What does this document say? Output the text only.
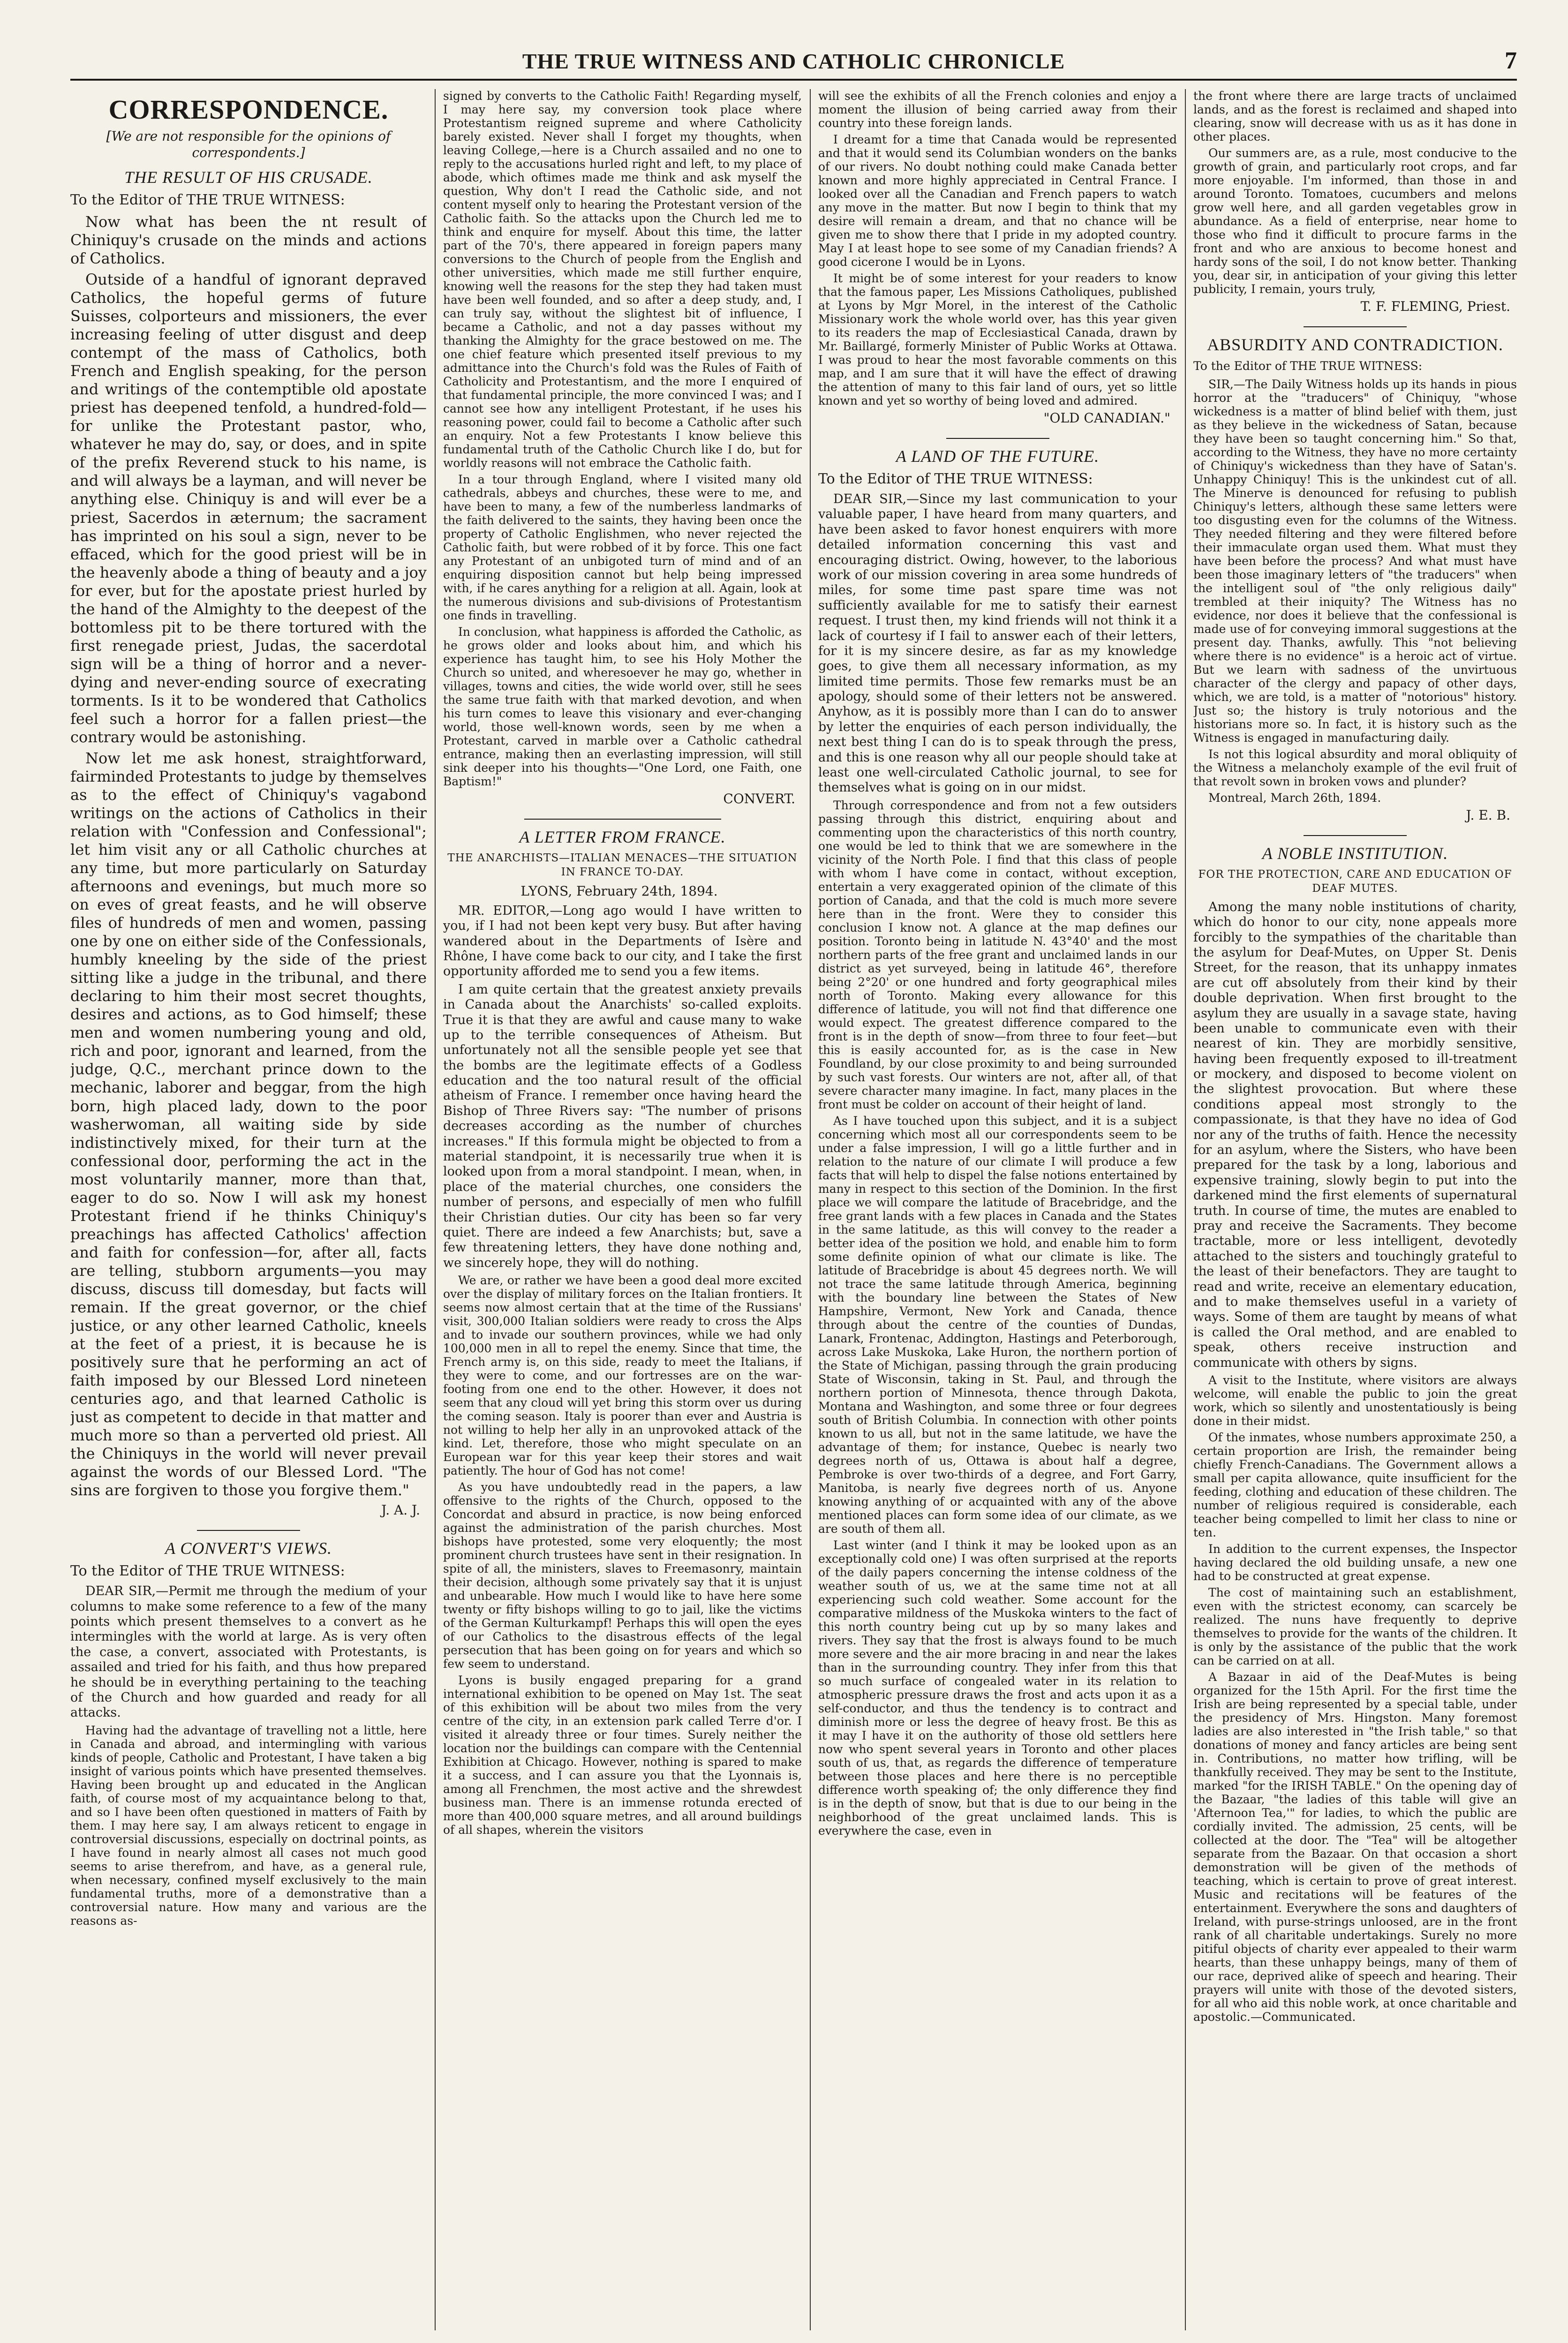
THE TRUE WITNESS AND CATHOLIC CHRONICLE	7
CORRESPONDENCE.
[We are not responsible for the opinions of correspondents.]
THE RESULT OF HIS CRUSADE.
To the Editor of THE TRUE WITNESS:

Now what has been the nt result of Chiniquy's crusade on the minds and actions of Catholics.

Outside of a handful of ignorant depraved Catholics, the hopeful germs of future Suisses, colporteurs and missioners, the ever increasing feeling of utter disgust and deep contempt of the mass of Catholics, both French and English speaking, for the person and writings of the contemptible old apostate priest has deepened tenfold, a hundred-fold—for unlike the Protestant pastor, who, whatever he may do, say, or does, and in spite of the prefix Reverend stuck to his name, is and will always be a layman, and will never be anything else. Chiniquy is and will ever be a priest, Sacerdos in æternum; the sacrament has imprinted on his soul a sign, never to be effaced, which for the good priest will be in the heavenly abode a thing of beauty and a joy for ever, but for the apostate priest hurled by the hand of the Almighty to the deepest of the bottomless pit to be there tortured with the first renegade priest, Judas, the sacerdotal sign will be a thing of horror and a never-dying and never-ending source of execrating torments. Is it to be wondered that Catholics feel such a horror for a fallen priest—the contrary would be astonishing.

Now let me ask honest, straightforward, fairminded Protestants to judge by themselves as to the effect of Chiniquy's vagabond writings on the actions of Catholics in their relation with "Confession and Confessional"; let him visit any or all Catholic churches at any time, but more particularly on Saturday afternoons and evenings, but much more so on eves of great feasts, and he will observe files of hundreds of men and women, passing one by one on either side of the Confessionals, humbly kneeling by the side of the priest sitting like a judge in the tribunal, and there declaring to him their most secret thoughts, desires and actions, as to God himself; these men and women numbering young and old, rich and poor, ignorant and learned, from the judge, Q.C., merchant prince down to the mechanic, laborer and beggar, from the high born, high placed lady, down to the poor washerwoman, all waiting side by side indistinctively mixed, for their turn at the confessional door, performing the act in the most voluntarily manner, more than that, eager to do so. Now I will ask my honest Protestant friend if he thinks Chiniquy's preachings has affected Catholics' affection and faith for confession—for, after all, facts are telling, stubborn arguments—you may discuss, discuss till domesday, but facts will remain. If the great governor, or the chief justice, or any other learned Catholic, kneels at the feet of a priest, it is because he is positively sure that he performing an act of faith imposed by our Blessed Lord nineteen centuries ago, and that learned Catholic is just as competent to decide in that matter and much more so than a perverted old priest. All the Chiniquys in the world will never prevail against the words of our Blessed Lord. "The sins are forgiven to those you forgive them."

J. A. J.
A CONVERT'S VIEWS.
To the Editor of THE TRUE WITNESS:

DEAR SIR,—Permit me through the medium of your columns to make some reference to a few of the many points which present themselves to a convert as he intermingles with the world at large. As is very often the case, a convert, associated with Protestants, is assailed and tried for his faith, and thus how prepared he should be in everything pertaining to the teaching of the Church and how guarded and ready for all attacks.

Having had the advantage of travelling not a little, here in Canada and abroad, and intermingling with various kinds of people, Catholic and Protestant, I have taken a big insight of various points which have presented themselves. Having been brought up and educated in the Anglican faith, of course most of my acquaintance belong to that, and so I have been often questioned in matters of Faith by them. I may here say, I am always reticent to engage in controversial discussions, especially on doctrinal points, as I have found in nearly almost all cases not much good seems to arise therefrom, and have, as a general rule, when necessary, confined myself exclusively to the main fundamental truths, more of a demonstrative than a controversial nature. How many and various are the reasons as-

signed by converts to the Catholic Faith! Regarding myself, I may here say, my conversion took place where Protestantism reigned supreme and where Catholicity barely existed. Never shall I forget my thoughts, when leaving College,—here is a Church assailed and no one to reply to the accusations hurled right and left, to my place of abode, which oftimes made me think and ask myself the question, Why don't I read the Catholic side, and not content myself only to hearing the Protestant version of the Catholic faith. So the attacks upon the Church led me to think and enquire for myself. About this time, the latter part of the 70's, there appeared in foreign papers many conversions to the Church of people from the English and other universities, which made me still further enquire, knowing well the reasons for the step they had taken must have been well founded, and so after a deep study, and, I can truly say, without the slightest bit of influence, I became a Catholic, and not a day passes without my thanking the Almighty for the grace bestowed on me. The one chief feature which presented itself previous to my admittance into the Church's fold was the Rules of Faith of Catholicity and Protestantism, and the more I enquired of that fundamental principle, the more convinced I was; and I cannot see how any intelligent Protestant, if he uses his reasoning power, could fail to become a Catholic after such an enquiry. Not a few Protestants I know believe this fundamental truth of the Catholic Church like I do, but for worldly reasons will not embrace the Catholic faith.

In a tour through England, where I visited many old cathedrals, abbeys and churches, these were to me, and have been to many, a few of the numberless landmarks of the faith delivered to the saints, they having been once the property of Catholic Englishmen, who never rejected the Catholic faith, but were robbed of it by force. This one fact any Protestant of an unbigoted turn of mind and of an enquiring disposition cannot but help being impressed with, if he cares anything for a religion at all. Again, look at the numerous divisions and sub-divisions of Protestantism one finds in travelling.

In conclusion, what happiness is afforded the Catholic, as he grows older and looks about him, and which his experience has taught him, to see his Holy Mother the Church so united, and wheresoever he may go, whether in villages, towns and cities, the wide world over, still he sees the same true faith with that marked devotion, and when his turn comes to leave this visionary and ever-changing world, those well-known words, seen by me when a Protestant, carved in marble over a Catholic cathedral entrance, making then an everlasting impression, will still sink deeper into his thoughts—"One Lord, one Faith, one Baptism!"

CONVERT.
A LETTER FROM FRANCE.
THE ANARCHISTS—ITALIAN MENACES—THE SITUATION IN FRANCE TO-DAY.
LYONS, February 24th, 1894.

MR. EDITOR,—Long ago would I have written to you, if I had not been kept very busy. But after having wandered about in the Departments of Isère and Rhône, I have come back to our city, and I take the first opportunity afforded me to send you a few items.

I am quite certain that the greatest anxiety prevails in Canada about the Anarchists' so-called exploits. True it is that they are awful and cause many to wake up to the terrible consequences of Atheism. But unfortunately not all the sensible people yet see that the bombs are the legitimate effects of a Godless education and the too natural result of the official atheism of France. I remember once having heard the Bishop of Three Rivers say: "The number of prisons decreases according as the number of churches increases." If this formula might be objected to from a material standpoint, it is necessarily true when it is looked upon from a moral standpoint. I mean, when, in place of the material churches, one considers the number of persons, and especially of men who fulfill their Christian duties. Our city has been so far very quiet. There are indeed a few Anarchists; but, save a few threatening letters, they have done nothing and, we sincerely hope, they will do nothing.

We are, or rather we have been a good deal more excited over the display of military forces on the Italian frontiers. It seems now almost certain that at the time of the Russians' visit, 300,000 Italian soldiers were ready to cross the Alps and to invade our southern provinces, while we had only 100,000 men in all to repel the enemy. Since that time, the French army is, on this side, ready to meet the Italians, if they were to come, and our fortresses are on the war-footing from one end to the other. However, it does not seem that any cloud will yet bring this storm over us during the coming season. Italy is poorer than ever and Austria is not willing to help her ally in an unprovoked attack of the kind. Let, therefore, those who might speculate on an European war for this year keep their stores and wait patiently. The hour of God has not come!

As you have undoubtedly read in the papers, a law offensive to the rights of the Church, opposed to the Concordat and absurd in practice, is now being enforced against the administration of the parish churches. Most bishops have protested, some very eloquently; the most prominent church trustees have sent in their resignation. In spite of all, the ministers, slaves to Freemasonry, maintain their decision, although some privately say that it is unjust and unbearable. How much I would like to have here some twenty or fifty bishops willing to go to jail, like the victims of the German Kulturkampf! Perhaps this will open the eyes of our Catholics to the disastrous effects of the legal persecution that has been going on for years and which so few seem to understand.

Lyons is busily engaged preparing for a grand international exhibition to be opened on May 1st. The seat of this exhibition will be about two miles from the very centre of the city, in an extension park called Terre d'or. I visited it already three or four times. Surely neither the location nor the buildings can compare with the Centennial Exhibition at Chicago. However, nothing is spared to make it a success, and I can assure you that the Lyonnais is, among all Frenchmen, the most active and the shrewdest business man. There is an immense rotunda erected of more than 400,000 square metres, and all around buildings of all shapes, wherein the visitors

will see the exhibits of all the French colonies and enjoy a moment the illusion of being carried away from their country into these foreign lands.

I dreamt for a time that Canada would be represented and that it would send its Columbian wonders on the banks of our rivers. No doubt nothing could make Canada better known and more highly appreciated in Central France. I looked over all the Canadian and French papers to watch any move in the matter. But now I begin to think that my desire will remain a dream, and that no chance will be given me to show there that I pride in my adopted country. May I at least hope to see some of my Canadian friends? A good cicerone I would be in Lyons.

It might be of some interest for your readers to know that the famous paper, Les Missions Catholiques, published at Lyons by Mgr Morel, in the interest of the Catholic Missionary work the whole world over, has this year given to its readers the map of Ecclesiastical Canada, drawn by Mr. Baillargé, formerly Minister of Public Works at Ottawa. I was proud to hear the most favorable comments on this map, and I am sure that it will have the effect of drawing the attention of many to this fair land of ours, yet so little known and yet so worthy of being loved and admired.

"OLD CANADIAN."
A LAND OF THE FUTURE.
To the Editor of THE TRUE WITNESS:

DEAR SIR,—Since my last communication to your valuable paper, I have heard from many quarters, and have been asked to favor honest enquirers with more detailed information concerning this vast and encouraging district. Owing, however, to the laborious work of our mission covering in area some hundreds of miles, for some time past spare time was not sufficiently available for me to satisfy their earnest request. I trust then, my kind friends will not think it a lack of courtesy if I fail to answer each of their letters, for it is my sincere desire, as far as my knowledge goes, to give them all necessary information, as my limited time permits. Those few remarks must be an apology, should some of their letters not be answered. Anyhow, as it is possibly more than I can do to answer by letter the enquiries of each person individually, the next best thing I can do is to speak through the press, and this is one reason why all our people should take at least one well-circulated Catholic journal, to see for themselves what is going on in our midst.

Through correspondence and from not a few outsiders passing through this district, enquiring about and commenting upon the characteristics of this north country, one would be led to think that we are somewhere in the vicinity of the North Pole. I find that this class of people with whom I have come in contact, without exception, entertain a very exaggerated opinion of the climate of this portion of Canada, and that the cold is much more severe here than in the front. Were they to consider this conclusion I know not. A glance at the map defines our position. Toronto being in latitude N. 43°40' and the most northern parts of the free grant and unclaimed lands in our district as yet surveyed, being in latitude 46°, therefore being 2°20' or one hundred and forty geographical miles north of Toronto. Making every allowance for this difference of latitude, you will not find that difference one would expect. The greatest difference compared to the front is in the depth of snow—from three to four feet—but this is easily accounted for, as is the case in New Foundland, by our close proximity to and being surrounded by such vast forests. Our winters are not, after all, of that severe character many imagine. In fact, many places in the front must be colder on account of their height of land.

As I have touched upon this subject, and it is a subject concerning which most all our correspondents seem to be under a false impression, I will go a little further and in relation to the nature of our climate I will produce a few facts that will help to dispel the false notions entertained by many in respect to this section of the Dominion. In the first place we will compare the latitude of Bracebridge, and the free grant lands with a few places in Canada and the States in the same latitude, as this will convey to the reader a better idea of the position we hold, and enable him to form some definite opinion of what our climate is like. The latitude of Bracebridge is about 45 degrees north. We will not trace the same latitude through America, beginning with the boundary line between the States of New Hampshire, Vermont, New York and Canada, thence through about the centre of the counties of Dundas, Lanark, Frontenac, Addington, Hastings and Peterborough, across Lake Muskoka, Lake Huron, the northern portion of the State of Michigan, passing through the grain producing State of Wisconsin, taking in St. Paul, and through the northern portion of Minnesota, thence through Dakota, Montana and Washington, and some three or four degrees south of British Columbia. In connection with other points known to us all, but not in the same latitude, we have the advantage of them; for instance, Quebec is nearly two degrees north of us, Ottawa is about half a degree, Pembroke is over two-thirds of a degree, and Fort Garry, Manitoba, is nearly five degrees north of us. Anyone knowing anything of or acquainted with any of the above mentioned places can form some idea of our climate, as we are south of them all.

Last winter (and I think it may be looked upon as an exceptionally cold one) I was often surprised at the reports of the daily papers concerning the intense coldness of the weather south of us, we at the same time not at all experiencing such cold weather. Some account for the comparative mildness of the Muskoka winters to the fact of this north country being cut up by so many lakes and rivers. They say that the frost is always found to be much more severe and the air more bracing in and near the lakes than in the surrounding country. They infer from this that so much surface of congealed water in its relation to atmospheric pressure draws the frost and acts upon it as a self-conductor, and thus the tendency is to contract and diminish more or less the degree of heavy frost. Be this as it may I have it on the authority of those old settlers here now who spent several years in Toronto and other places south of us, that, as regards the difference of temperature between those places and here there is no perceptible difference worth speaking of; the only difference they find is in the depth of snow, but that is due to our being in the neighborhood of the great unclaimed lands. This is everywhere the case, even in

the front where there are large tracts of unclaimed lands, and as the forest is reclaimed and shaped into clearing, snow will decrease with us as it has done in other places.

Our summers are, as a rule, most conducive to the growth of grain, and particularly root crops, and far more enjoyable. I'm informed, than those in and around Toronto. Tomatoes, cucumbers and melons grow well here, and all garden vegetables grow in abundance. As a field of enterprise, near home to those who find it difficult to procure farms in the front and who are anxious to become honest and hardy sons of the soil, I do not know better. Thanking you, dear sir, in anticipation of your giving this letter publicity, I remain, yours truly,

T. F. FLEMING, Priest.
ABSURDITY AND CONTRADICTION.
To the Editor of THE TRUE WITNESS:

SIR,—The Daily Witness holds up its hands in pious horror at the "traducers" of Chiniquy, "whose wickedness is a matter of blind belief with them, just as they believe in the wickedness of Satan, because they have been so taught concerning him." So that, according to the Witness, they have no more certainty of Chiniquy's wickedness than they have of Satan's. Unhappy Chiniquy! This is the unkindest cut of all. The Minerve is denounced for refusing to publish Chiniquy's letters, although these same letters were too disgusting even for the columns of the Witness. They needed filtering and they were filtered before their immaculate organ used them. What must they have been before the process? And what must have been those imaginary letters of "the traducers" when the intelligent soul of "the only religious daily" trembled at their iniquity? The Witness has no evidence, nor does it believe that the confessional is made use of for conveying immoral suggestions at the present day. Thanks, awfully. This "not believing where there is no evidence" is a heroic act of virtue. But we learn with sadness of the unvirtuous character of the clergy and papacy of other days, which, we are told, is a matter of "notorious" history. Just so; the history is truly notorious and the historians more so. In fact, it is history such as the Witness is engaged in manufacturing daily.

Is not this logical absurdity and moral obliquity of the Witness a melancholy example of the evil fruit of that revolt sown in broken vows and plunder?

Montreal, March 26th, 1894.

J. E. B.
A NOBLE INSTITUTION.
FOR THE PROTECTION, CARE AND EDUCATION OF DEAF MUTES.

Among the many noble institutions of charity, which do honor to our city, none appeals more forcibly to the sympathies of the charitable than the asylum for Deaf-Mutes, on Upper St. Denis Street, for the reason, that its unhappy inmates are cut off absolutely from their kind by their double deprivation. When first brought to the asylum they are usually in a savage state, having been unable to communicate even with their nearest of kin. They are morbidly sensitive, having been frequently exposed to ill-treatment or mockery, and disposed to become violent on the slightest provocation. But where these conditions appeal most strongly to the compassionate, is that they have no idea of God nor any of the truths of faith. Hence the necessity for an asylum, where the Sisters, who have been prepared for the task by a long, laborious and expensive training, slowly begin to put into the darkened mind the first elements of supernatural truth. In course of time, the mutes are enabled to pray and receive the Sacraments. They become tractable, more or less intelligent, devotedly attached to the sisters and touchingly grateful to the least of their benefactors. They are taught to read and write, receive an elementary education, and to make themselves useful in a variety of ways. Some of them are taught by means of what is called the Oral method, and are enabled to speak, others receive instruction and communicate with others by signs.

A visit to the Institute, where visitors are always welcome, will enable the public to join the great work, which so silently and unostentatiously is being done in their midst.

Of the inmates, whose numbers approximate 250, a certain proportion are Irish, the remainder being chiefly French-Canadians. The Government allows a small per capita allowance, quite insufficient for the feeding, clothing and education of these children. The number of religious required is considerable, each teacher being compelled to limit her class to nine or ten.

In addition to the current expenses, the Inspector having declared the old building unsafe, a new one had to be constructed at great expense.

The cost of maintaining such an establishment, even with the strictest economy, can scarcely be realized. The nuns have frequently to deprive themselves to provide for the wants of the children. It is only by the assistance of the public that the work can be carried on at all.

A Bazaar in aid of the Deaf-Mutes is being organized for the 15th April. For the first time the Irish are being represented by a special table, under the presidency of Mrs. Hingston. Many foremost ladies are also interested in "the Irish table," so that donations of money and fancy articles are being sent in. Contributions, no matter how trifling, will be thankfully received. They may be sent to the Institute, marked "for the IRISH TABLE." On the opening day of the Bazaar, "the ladies of this table will give an 'Afternoon Tea,'" for ladies, to which the public are cordially invited. The admission, 25 cents, will be collected at the door. The "Tea" will be altogether separate from the Bazaar. On that occasion a short demonstration will be given of the methods of teaching, which is certain to prove of great interest. Music and recitations will be features of the entertainment. Everywhere the sons and daughters of Ireland, with purse-strings unloosed, are in the front rank of all charitable undertakings. Surely no more pitiful objects of charity ever appealed to their warm hearts, than these unhappy beings, many of them of our race, deprived alike of speech and hearing. Their prayers will unite with those of the devoted sisters, for all who aid this noble work, at once charitable and apostolic.—Communicated.
